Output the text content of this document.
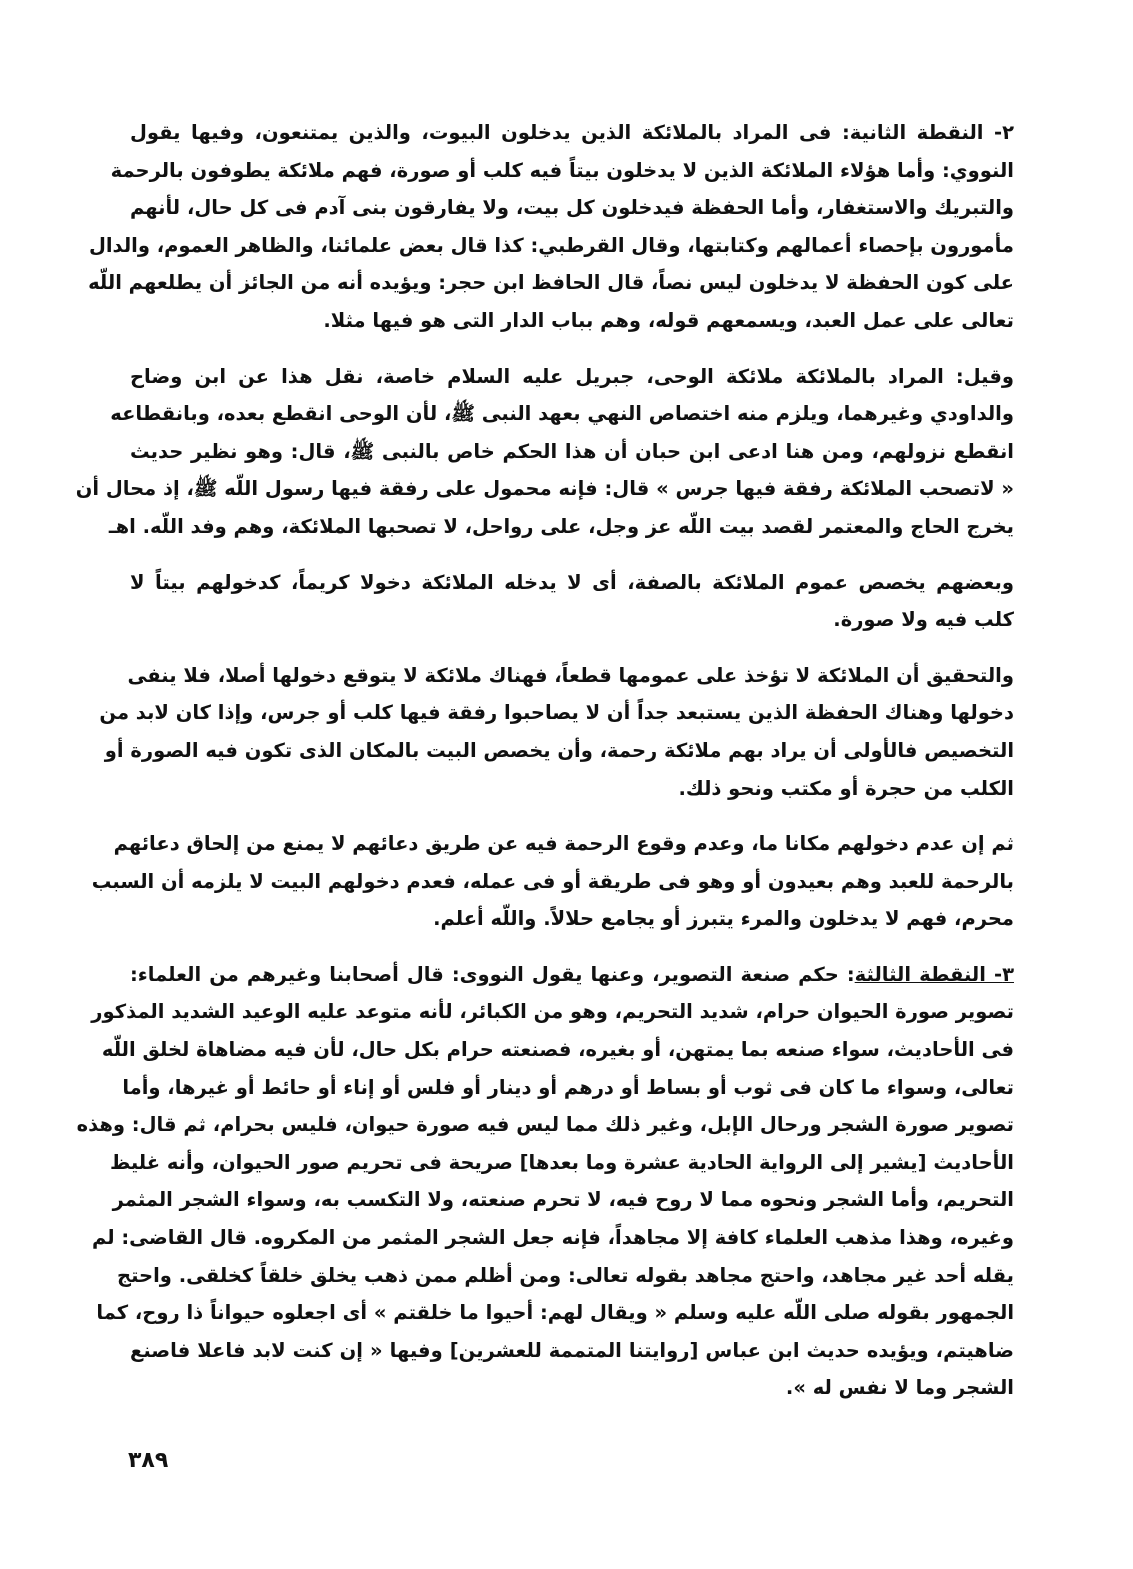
٢- النقطة الثانية: فى المراد بالملائكة الذين يدخلون البيوت، والذين يمتنعون، وفيها يقول
النووي: وأما هؤلاء الملائكة الذين لا يدخلون بيتاً فيه كلب أو صورة، فهم ملائكة يطوفون بالرحمة
والتبريك والاستغفار، وأما الحفظة فيدخلون كل بيت، ولا يفارقون بنى آدم فى كل حال، لأنهم
مأمورون بإحصاء أعمالهم وكتابتها، وقال القرطبي: كذا قال بعض علمائنا، والظاهر العموم، والدال
على كون الحفظة لا يدخلون ليس نصاً، قال الحافظ ابن حجر: ويؤيده أنه من الجائز أن يطلعهم اللّه
تعالى على عمل العبد، ويسمعهم قوله، وهم بباب الدار التى هو فيها مثلا.
وقيل: المراد بالملائكة ملائكة الوحى، جبريل عليه السلام خاصة، نقل هذا عن ابن وضاح
والداودي وغيرهما، ويلزم منه اختصاص النهي بعهد النبى ﷺ، لأن الوحى انقطع بعده، وبانقطاعه
انقطع نزولهم، ومن هنا ادعى ابن حبان أن هذا الحكم خاص بالنبى ﷺ، قال: وهو نظير حديث
« لاتصحب الملائكة رفقة فيها جرس » قال: فإنه محمول على رفقة فيها رسول اللّه ﷺ، إذ محال أن
يخرج الحاج والمعتمر لقصد بيت اللّه عز وجل، على رواحل، لا تصحبها الملائكة، وهم وفد اللّه. اهـ
وبعضهم يخصص عموم الملائكة بالصفة، أى لا يدخله الملائكة دخولا كريماً، كدخولهم بيتاً لا
كلب فيه ولا صورة.
والتحقيق أن الملائكة لا تؤخذ على عمومها قطعاً، فهناك ملائكة لا يتوقع دخولها أصلا، فلا ينفى
دخولها وهناك الحفظة الذين يستبعد جداً أن لا يصاحبوا رفقة فيها كلب أو جرس، وإذا كان لابد من
التخصيص فالأولى أن يراد بهم ملائكة رحمة، وأن يخصص البيت بالمكان الذى تكون فيه الصورة أو
الكلب من حجرة أو مكتب ونحو ذلك.
ثم إن عدم دخولهم مكانا ما، وعدم وقوع الرحمة فيه عن طريق دعائهم لا يمنع من إلحاق دعائهم
بالرحمة للعبد وهم بعيدون أو وهو فى طريقة أو فى عمله، فعدم دخولهم البيت لا يلزمه أن السبب
محرم، فهم لا يدخلون والمرء يتبرز أو يجامع حلالاً. واللّه أعلم.
٣- النقطة الثالثة: حكم صنعة التصوير، وعنها يقول النووى: قال أصحابنا وغيرهم من العلماء:
تصوير صورة الحيوان حرام، شديد التحريم، وهو من الكبائر، لأنه متوعد عليه الوعيد الشديد المذكور
فى الأحاديث، سواء صنعه بما يمتهن، أو بغيره، فصنعته حرام بكل حال، لأن فيه مضاهاة لخلق اللّه
تعالى، وسواء ما كان فى ثوب أو بساط أو درهم أو دينار أو فلس أو إناء أو حائط أو غيرها، وأما
تصوير صورة الشجر ورحال الإبل، وغير ذلك مما ليس فيه صورة حيوان، فليس بحرام، ثم قال: وهذه
الأحاديث [يشير إلى الرواية الحادية عشرة وما بعدها] صريحة فى تحريم صور الحيوان، وأنه غليظ
التحريم، وأما الشجر ونحوه مما لا روح فيه، لا تحرم صنعته، ولا التكسب به، وسواء الشجر المثمر
وغيره، وهذا مذهب العلماء كافة إلا مجاهداً، فإنه جعل الشجر المثمر من المكروه. قال القاضى: لم
يقله أحد غير مجاهد، واحتج مجاهد بقوله تعالى: ومن أظلم ممن ذهب يخلق خلقاً كخلقى. واحتج
الجمهور بقوله صلى اللّه عليه وسلم « ويقال لهم: أحيوا ما خلقتم » أى اجعلوه حيواناً ذا روح، كما
ضاهيتم، ويؤيده حديث ابن عباس [روايتنا المتممة للعشرين] وفيها « إن كنت لابد فاعلا فاصنع
الشجر وما لا نفس له ».
٣٨٩
